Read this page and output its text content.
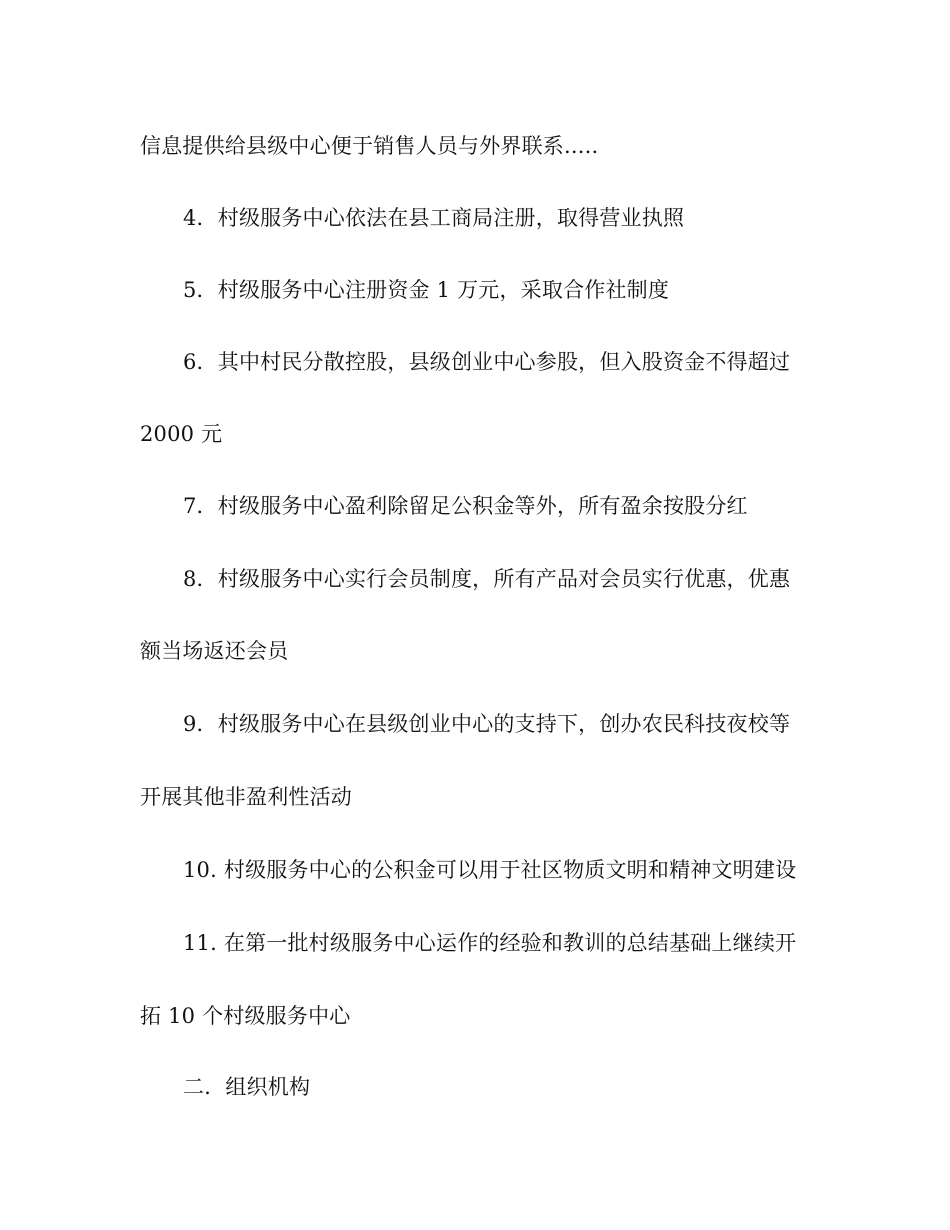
信息提供给县级中心便于销售人员与外界联系.....
4．村级服务中心依法在县工商局注册，取得营业执照
5．村级服务中心注册资金 1 万元，采取合作社制度
6．其中村民分散控股，县级创业中心参股，但入股资金不得超过
2000 元
7．村级服务中心盈利除留足公积金等外，所有盈余按股分红
8．村级服务中心实行会员制度，所有产品对会员实行优惠，优惠
额当场返还会员
9．村级服务中心在县级创业中心的支持下，创办农民科技夜校等
开展其他非盈利性活动
10. 村级服务中心的公积金可以用于社区物质文明和精神文明建设
11. 在第一批村级服务中心运作的经验和教训的总结基础上继续开
拓 10 个村级服务中心
二．组织机构
